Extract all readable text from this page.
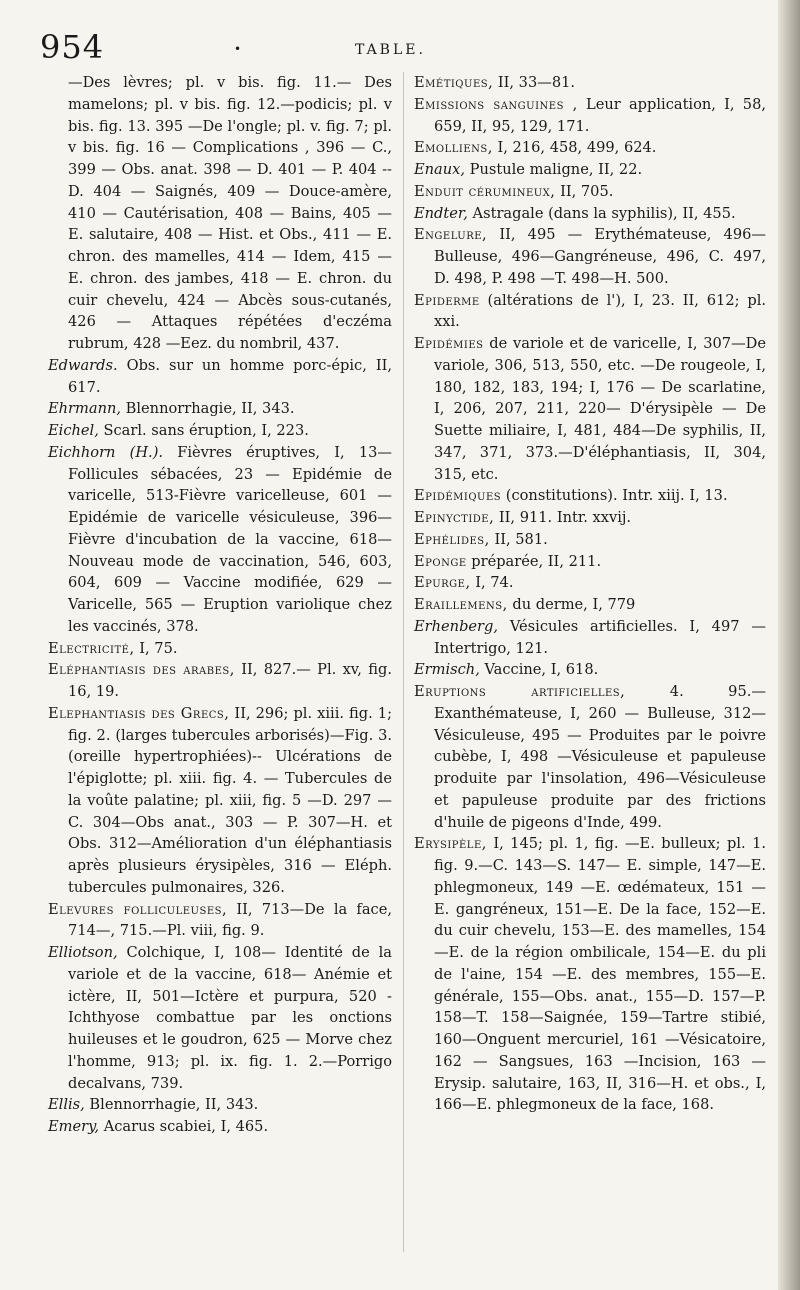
954	•	TABLE.

—Des lèvres; pl. v bis. fig. 11.— Des mamelons; pl. v bis. fig. 12.—podicis; pl. v bis. fig. 13. 395 —De l'ongle; pl. v. fig. 7; pl. v bis. fig. 16 — Complications , 396 — C., 399 — Obs. anat. 398 — D. 401 — P. 404 -- D. 404 — Saignés, 409 — Douce-amère, 410 — Cautérisation, 408 — Bains, 405 — E. salutaire, 408 — Hist. et Obs., 411 — E. chron. des mamelles, 414 — Idem, 415 — E. chron. des jambes, 418 — E. chron. du cuir chevelu, 424 — Abcès sous-cutanés, 426 — Attaques répétées d'eczéma rubrum, 428 —Eez. du nombril, 437.

Edwards. Obs. sur un homme porc-épic, II, 617.

Ehrmann, Blennorrhagie, II, 343.

Eichel, Scarl. sans éruption, I, 223.

Eichhorn (H.). Fièvres éruptives, I, 13— Follicules sébacées, 23 — Epidémie de varicelle, 513-Fièvre varicelleuse, 601 —Epidémie de varicelle vésiculeuse, 396—Fièvre d'incubation de la vaccine, 618— Nouveau mode de vaccination, 546, 603, 604, 609 — Vaccine modifiée, 629 —Varicelle, 565 — Eruption variolique chez les vaccinés, 378.

Electricité, I, 75.

Eléphantiasis des arabes, II, 827.— Pl. xv, fig. 16, 19.

Elephantiasis des Grecs, II, 296; pl. xiii. fig. 1; fig. 2. (larges tubercules arborisés)—Fig. 3.(oreille hypertrophiées)-- Ulcérations de l'épiglotte; pl. xiii. fig. 4. — Tubercules de la voûte palatine; pl. xiii, fig. 5 —D. 297 — C. 304—Obs anat., 303 — P. 307—H. et Obs. 312—Amélioration d'un éléphantiasis après plusieurs érysipèles, 316 — Eléph. tubercules pulmonaires, 326.

Elevures folliculeuses, II, 713—De la face, 714—, 715.—Pl. viii, fig. 9.

Elliotson, Colchique, I, 108— Identité de la variole et de la vaccine, 618— Anémie et ictère, II, 501—Ictère et purpura, 520 - Ichthyose combattue par les onctions huileuses et le goudron, 625 — Morve chez l'homme, 913; pl. ix. fig. 1. 2.—Porrigo decalvans, 739.

Ellis, Blennorrhagie, II, 343.

Emery, Acarus scabiei, I, 465.

Emétiques, II, 33—81.

Emissions sanguines , Leur application, I, 58, 659, II, 95, 129, 171.

Emolliens, I, 216, 458, 499, 624.

Enaux, Pustule maligne, II, 22.

Enduit cérumineux, II, 705.

Endter, Astragale (dans la syphilis), II, 455.

Engelure, II, 495 — Erythémateuse, 496—Bulleuse, 496—Gangréneuse, 496, C. 497, D. 498, P. 498 —T. 498—H. 500.

Epiderme (altérations de l'), I, 23. II, 612; pl. xxi.

Epidémies de variole et de varicelle, I, 307—De variole, 306, 513, 550, etc. —De rougeole, I, 180, 182, 183, 194; I, 176 — De scarlatine, I, 206, 207, 211, 220— D'érysipèle — De Suette miliaire, I, 481, 484—De syphilis, II, 347, 371, 373.—D'éléphantiasis, II, 304, 315, etc.

Epidémiques (constitutions). Intr. xiij. I, 13.

Epinyctide, II, 911. Intr. xxvij.

Ephélides, II, 581.

Eponge préparée, II, 211.

Epurge, I, 74.

Eraillemens, du derme, I, 779

Erhenberg, Vésicules artificielles. I, 497 —Intertrigo, 121.

Ermisch, Vaccine, I, 618.

Eruptions artificielles, 4. 95.— Exanthémateuse, I, 260 — Bulleuse, 312—Vésiculeuse, 495 — Produites par le poivre cubèbe, I, 498 —Vésiculeuse et papuleuse produite par l'insolation, 496—Vésiculeuse et papuleuse produite par des frictions d'huile de pigeons d'Inde, 499.

Erysipèle, I, 145; pl. 1, fig. —E. bulleux; pl. 1. fig. 9.—C. 143—S. 147— E. simple, 147—E. phlegmoneux, 149 —E. œdémateux, 151 — E. gangréneux, 151—E. De la face, 152—E. du cuir chevelu, 153—E. des mamelles, 154—E. de la région ombilicale, 154—E. du pli de l'aine, 154 —E. des membres, 155—E. générale, 155—Obs. anat., 155—D. 157—P. 158—T. 158—Saignée, 159—Tartre stibié, 160—Onguent mercuriel, 161 —Vésicatoire, 162 — Sangsues, 163 —Incision, 163 — Erysip. salutaire, 163, II, 316—H. et obs., I, 166—E. phlegmoneux de la face, 168.
